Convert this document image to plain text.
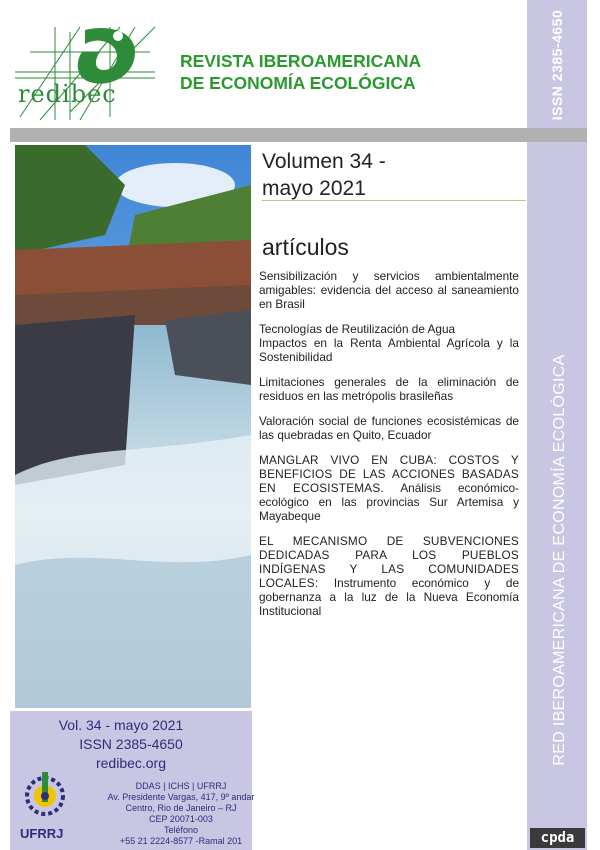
ISSN 2385-4650
RED IBEROAMERICANA DE ECONOMÍA ECOLÓGICA
redibec
REVISTA IBEROAMERICANA
DE ECONOMÍA ECOLÓGICA
Volumen 34 -
mayo 2021
artículos
Sensibilización y servicios ambientalmente amigables: evidencia del acceso al saneamiento en Brasil
Tecnologías de Reutilización de Agua
Impactos en la Renta Ambiental Agrícola y la Sostenibilidad
Limitaciones generales de la eliminación de residuos en las metrópolis brasileñas
Valoración social de funciones ecosistémicas de las quebradas en Quito, Ecuador
MANGLAR VIVO EN CUBA: COSTOS Y BENEFICIOS DE LAS ACCIONES BASADAS EN ECOSISTEMAS. Análisis económico-ecológico en las provincias Sur Artemisa y Mayabeque
EL MECANISMO DE SUBVENCIONES DEDICADAS PARA LOS PUEBLOS INDÍGENAS Y LAS COMUNIDADES LOCALES: Instrumento económico y de gobernanza a la luz de la Nueva Economía Institucional
Vol. 34 - mayo 2021
ISSN 2385-4650
redibec.org
UFRRJ
DDAS | ICHS | UFRRJ
Av. Presidente Vargas, 417, 9º andar
Centro, Rio de Janeiro – RJ
CEP 20071-003
Teléfono
+55 21 2224-8577 -Ramal 201	cpda
